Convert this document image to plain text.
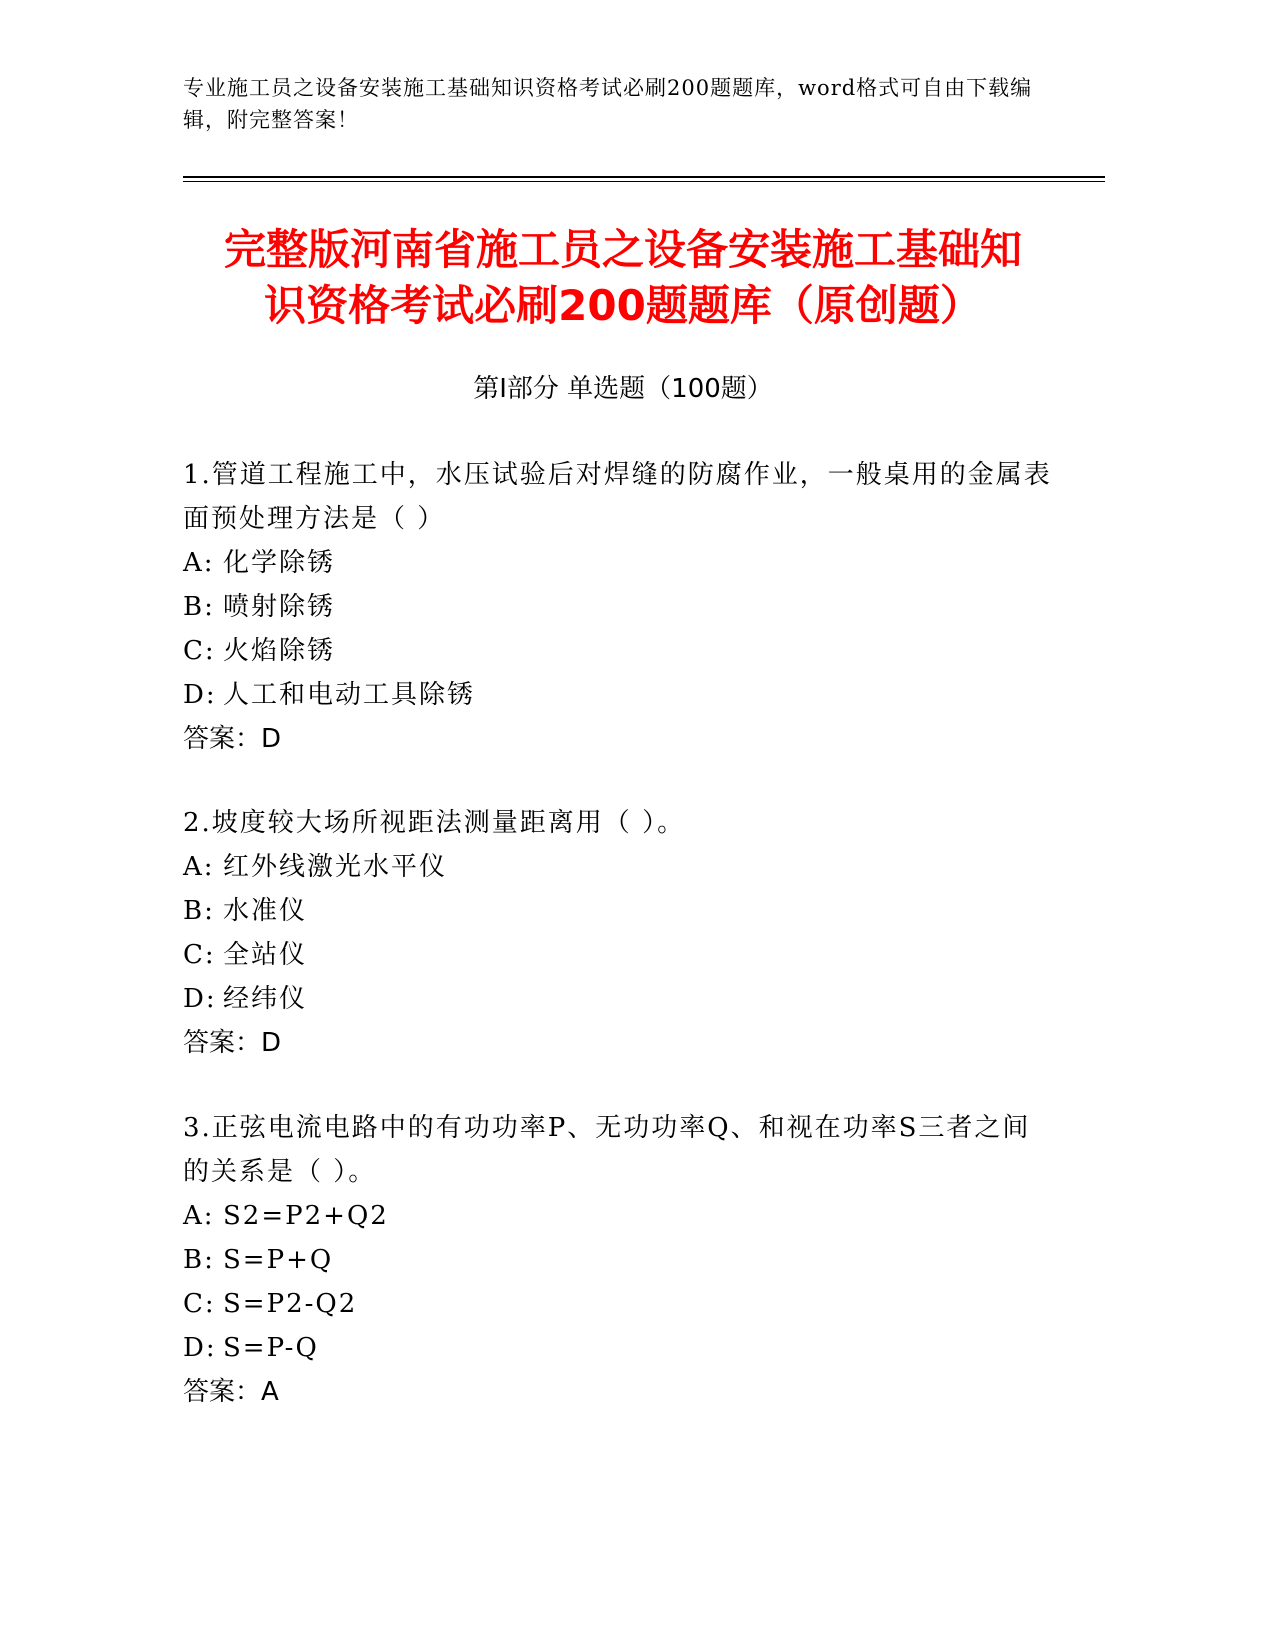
专业施工员之设备安装施工基础知识资格考试必刷200题题库，word格式可自由下载编辑，附完整答案！

完整版河南省施工员之设备安装施工基础知
识资格考试必刷200题题库（原创题）
第I部分 单选题（100题）

1.管道工程施工中，水压试验后对焊缝的防腐作业，一般桌用的金属表面预处理方法是（ ）

A: 化学除锈

B: 喷射除锈

C: 火焰除锈

D: 人工和电动工具除锈

答案：D

2.坡度较大场所视距法测量距离用（ ）。

A: 红外线激光水平仪

B: 水准仪

C: 全站仪

D: 经纬仪

答案：D

3.正弦电流电路中的有功功率P、无功功率Q、和视在功率S三者之间的关系是（ ）。

A: S2=P2+Q2

B: S=P+Q

C: S=P2-Q2

D: S=P-Q

答案：A
